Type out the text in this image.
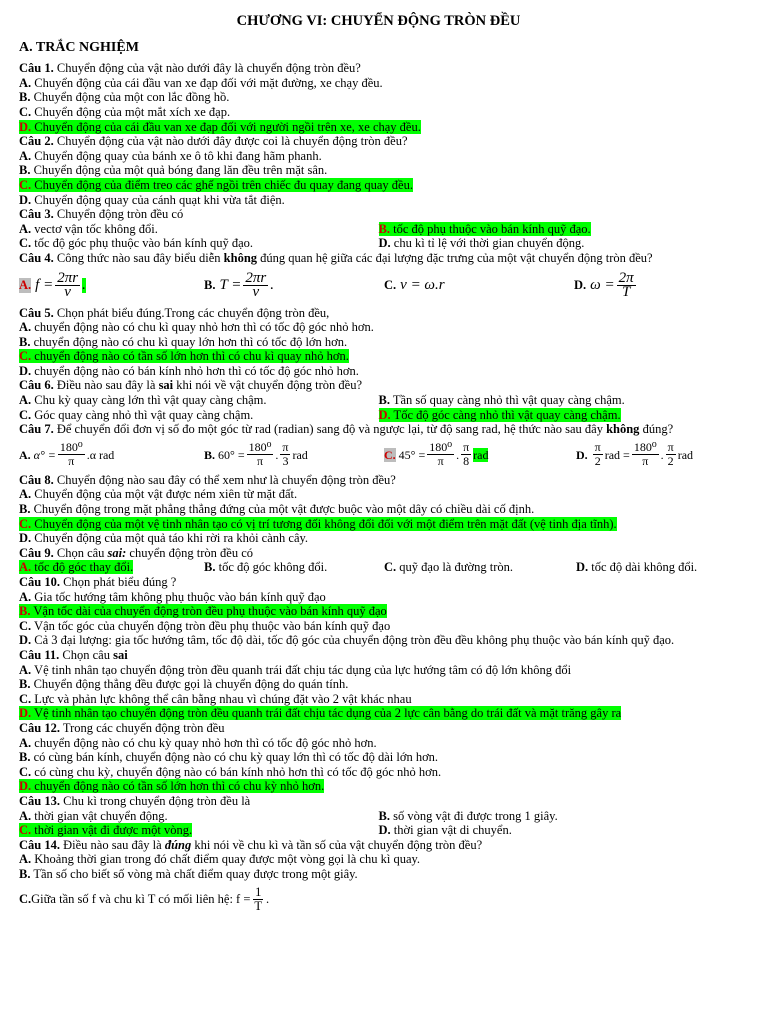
CHƯƠNG VI: CHUYỂN ĐỘNG TRÒN ĐỀU
A. TRẮC NGHIỆM
Câu 1. Chuyển động của vật nào dưới đây là chuyển động tròn đều?
A. Chuyển động của cái đầu van xe đạp đối với mặt đường, xe chạy đều.
B. Chuyển động của một con lắc đồng hồ.
C. Chuyển động của một mắt xích xe đạp.
D. Chuyển động của cái đầu van xe đạp đối với người ngồi trên xe, xe chạy đều.
Câu 2. Chuyển động của vật nào dưới đây được coi là chuyển động tròn đều?
A. Chuyển động quay của bánh xe ô tô khi đang hãm phanh.
B. Chuyển động của một quả bóng đang lăn đều trên mặt sân.
C. Chuyển động của điểm treo các ghế ngồi trên chiếc đu quay đang quay đều.
D. Chuyển động quay của cánh quạt khi vừa tắt điện.
Câu 3. Chuyển động tròn đều có
A. vectơ vận tốc không đổi.	B. tốc độ phụ thuộc vào bán kính quỹ đạo.
C. tốc độ góc phụ thuộc vào bán kính quỹ đạo.	D. chu kì tỉ lệ với thời gian chuyển động.
Câu 4. Công thức nào sau đây biểu diễn không đúng quan hệ giữa các đại lượng đặc trưng của một vật chuyển động tròn đều?
A. $f = \frac{2\pi r}{v}$ .	B. $T = \frac{2\pi r}{v}$ .	C. v = ω.r	D. $\omega = \frac{2\pi}{T}$
Câu 5. Chọn phát biểu đúng.Trong các chuyển động tròn đều,
A. chuyển động nào có chu kì quay nhỏ hơn thì có tốc độ góc nhỏ hơn.
B. chuyển động nào có chu kì quay lớn hơn thì có tốc độ lớn hơn.
C. chuyển động nào có tần số lớn hơn thì có chu kì quay nhỏ hơn.
D. chuyển động nào có bán kính nhỏ hơn thì có tốc độ góc nhỏ hơn.
Câu 6. Điều nào sau đây là sai khi nói về vật chuyển động tròn đều?
A. Chu kỳ quay càng lớn thì vật quay càng chậm.	B. Tần số quay càng nhỏ thì vật quay càng chậm.
C. Góc quay càng nhỏ thì vật quay càng chậm.	D. Tốc độ góc càng nhỏ thì vật quay càng chậm.
Câu 7. Để chuyển đổi đơn vị số đo một góc từ rad (radian) sang độ và ngược lại, từ độ sang rad, hệ thức nào sau đây không đúng?
A.
$\alpha^\circ = \frac{\text{180⁰}}{\pi} .\alpha$ rad	B.
$60^\circ = \frac{\text{180⁰}}{\pi}$ . $\frac{\pi}{3}$ rad	C.
$45^\circ = \frac{\text{180⁰}}{\pi}$ . $\frac{\pi}{8}$ rad	D.
$\frac{\pi}{2}$ rad = $\frac{\text{180⁰}}{\pi}$ . $\frac{\pi}{2}$ rad
Câu 8. Chuyển động nào sau đây có thể xem như là chuyển động tròn đều?
A. Chuyển động của một vật được ném xiên từ mặt đất.
B. Chuyển động trong mặt phẳng thẳng đứng của một vật được buộc vào một dây có chiều dài cố định.
C. Chuyển động của một vệ tinh nhân tạo có vị trí tương đối không đổi đối với một điểm trên mặt đất (vệ tinh địa tĩnh).
D. Chuyển động của một quả táo khi rời ra khỏi cành cây.
Câu 9. Chọn câu sai: chuyển động tròn đều có
A. tốc độ góc thay đổi.	B. tốc độ góc không đổi.	C. quỹ đạo là đường tròn.	D. tốc độ dài không đổi.
Câu 10. Chọn phát biểu đúng ?
A. Gia tốc hướng tâm không phụ thuộc vào bán kính quỹ đạo
B. Vận tốc dài của chuyển động tròn đều phụ thuộc vào bán kính quỹ đạo
C. Vận tốc góc của chuyển động tròn đều phụ thuộc vào bán kính quỹ đạo
D. Cả 3 đại lượng: gia tốc hướng tâm, tốc độ dài, tốc độ góc của chuyển động tròn đều đều không phụ thuộc vào bán kính quỹ đạo.
Câu 11. Chọn câu sai
A. Vệ tinh nhân tạo chuyển động tròn đều quanh trái đất chịu tác dụng của lực hướng tâm có độ lớn không đổi
B. Chuyển động thẳng đều được gọi là chuyển động do quán tính.
C. Lực và phản lực không thể cân bằng nhau vì chúng đặt vào 2 vật khác nhau
D. Vệ tinh nhân tạo chuyển động tròn đều quanh trái đất chịu tác dụng của 2 lực cân bằng do trái đất và mặt trăng gây ra
Câu 12. Trong các chuyển động tròn đều
A. chuyển động nào có chu kỳ quay nhỏ hơn thì có tốc độ góc nhỏ hơn.
B. có cùng bán kính, chuyển động nào có chu kỳ quay lớn thì có tốc độ dài lớn hơn.
C. có cùng chu kỳ, chuyển động nào có bán kính nhỏ hơn thì có tốc độ góc nhỏ hơn.
D. chuyển động nào có tần số lớn hơn thì có chu kỳ nhỏ hơn.
Câu 13. Chu kì trong chuyển động tròn đều là
A. thời gian vật chuyển động.	B. số vòng vật đi được trong 1 giây.
C. thời gian vật đi được một vòng.	D. thời gian vật di chuyển.
Câu 14. Điều nào sau đây là đúng khi nói về chu kì và tần số của vật chuyển động tròn đều?
A. Khoảng thời gian trong đó chất điểm quay được một vòng gọi là chu kì quay.
B. Tần số cho biết số vòng mà chất điểm quay được trong một giây.
C. Giữa tần số f và chu kì T có mối liên hệ: $f = \frac{1}{T}$ .
